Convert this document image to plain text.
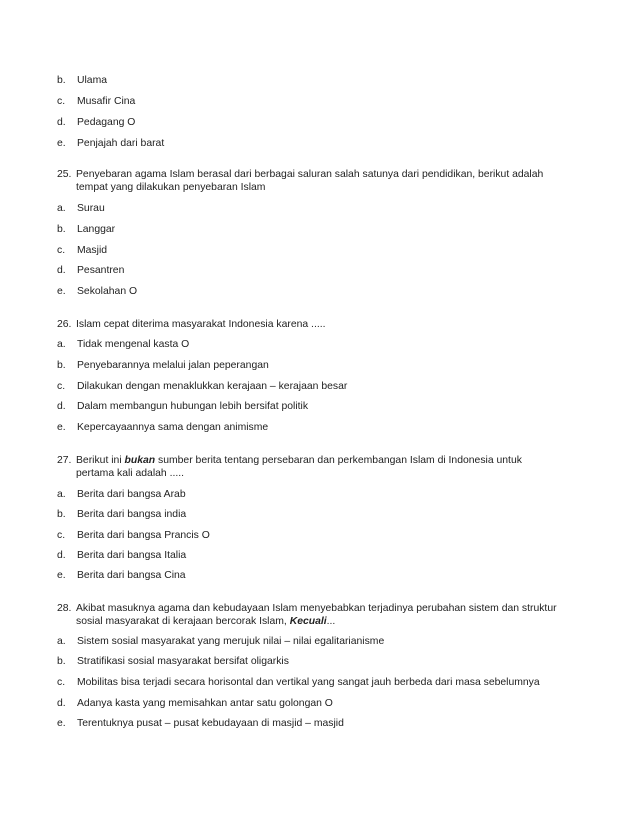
b. Ulama
c. Musafir Cina
d. Pedagang O
e. Penjajah dari barat
25. Penyebaran agama Islam berasal dari berbagai saluran salah satunya dari pendidikan, berikut adalah
tempat yang dilakukan penyebaran Islam
a. Surau
b. Langgar
c. Masjid
d. Pesantren
e. Sekolahan O
26. Islam cepat diterima masyarakat Indonesia karena .....
a. Tidak mengenal kasta O
b. Penyebarannya melalui jalan peperangan
c. Dilakukan dengan menaklukkan kerajaan – kerajaan besar
d. Dalam membangun hubungan lebih bersifat politik
e. Kepercayaannya sama dengan animisme
27. Berikut ini bukan sumber berita tentang persebaran dan perkembangan Islam di Indonesia untuk
pertama kali adalah .....
a. Berita dari bangsa Arab
b. Berita dari bangsa india
c. Berita dari bangsa Prancis O
d. Berita dari bangsa Italia
e. Berita dari bangsa Cina
28. Akibat masuknya agama dan kebudayaan Islam menyebabkan terjadinya perubahan sistem dan struktur
sosial masyarakat di kerajaan bercorak Islam, Kecuali...
a. Sistem sosial masyarakat yang merujuk nilai – nilai egalitarianisme
b. Stratifikasi sosial masyarakat bersifat oligarkis
c. Mobilitas bisa terjadi secara horisontal dan vertikal yang sangat jauh berbeda dari masa sebelumnya
d. Adanya kasta yang memisahkan antar satu golongan O
e. Terentuknya pusat – pusat kebudayaan di masjid – masjid
